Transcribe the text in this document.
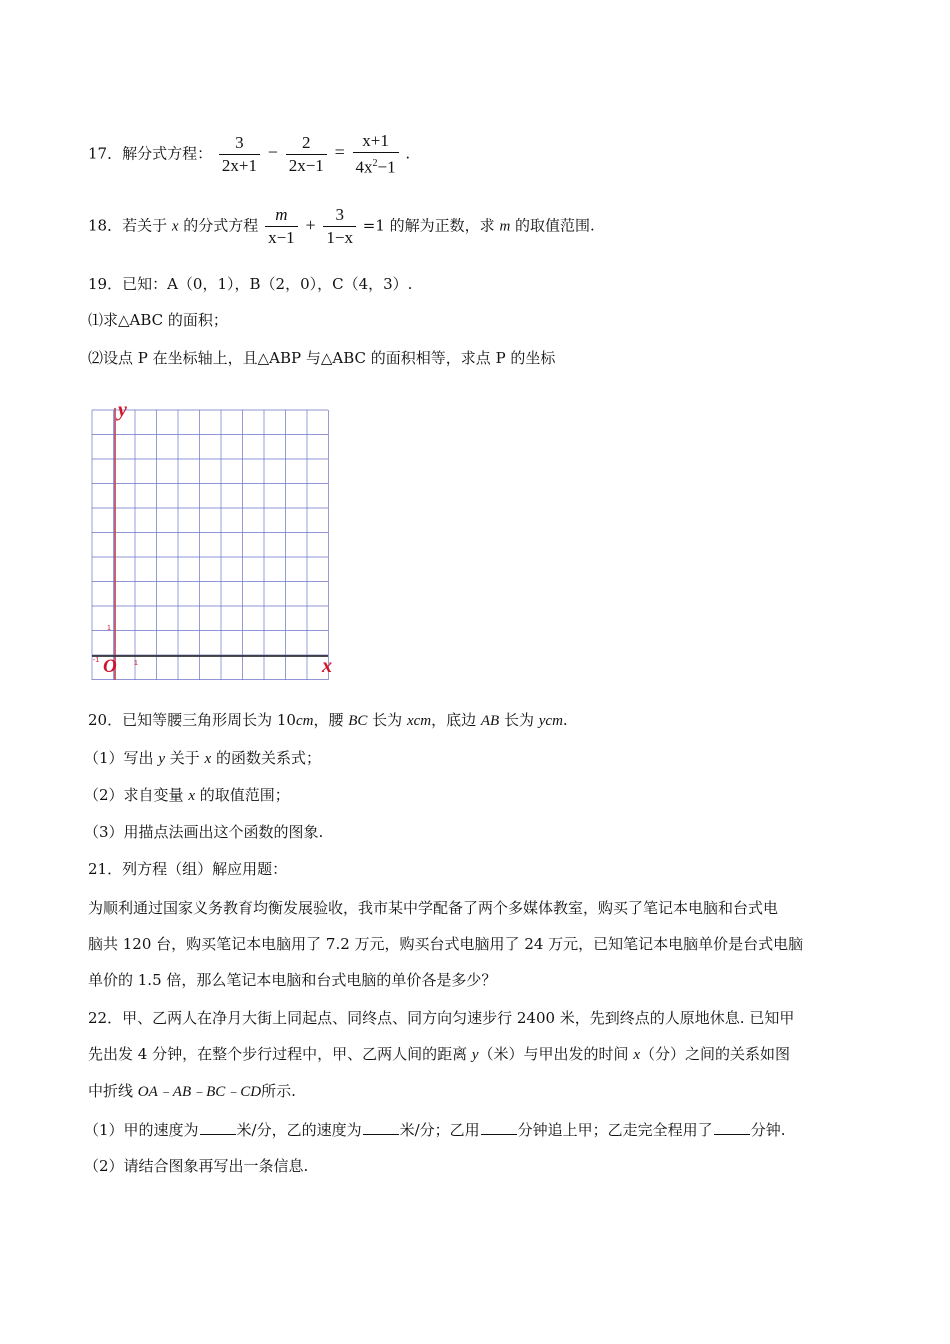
17．解分式方程： $\frac{3}{2x+1} - \frac{2}{2x-1} = \frac{x+1}{4x^2-1}$ .
18．若关于 x 的分式方程 $\frac{m}{x-1} + \frac{3}{1-x} =1$ 的解为正数，求 m 的取值范围.
19．已知：A（0，1），B（2，0），C（4，3）.
⑴求△ABC 的面积；
⑵设点 P 在坐标轴上，且△ABP 与△ABC 的面积相等，求点 P 的坐标
y
x
O
1
1
-1
20．已知等腰三角形周长为 10cm，腰 BC 长为 xcm，底边 AB 长为 ycm.
（1）写出 y 关于 x 的函数关系式；
（2）求自变量 x 的取值范围；
（3）用描点法画出这个函数的图象.
21．列方程（组）解应用题：
为顺利通过国家义务教育均衡发展验收，我市某中学配备了两个多媒体教室，购买了笔记本电脑和台式电
脑共 120 台，购买笔记本电脑用了 7.2 万元，购买台式电脑用了 24 万元，已知笔记本电脑单价是台式电脑
单价的 1.5 倍，那么笔记本电脑和台式电脑的单价各是多少？
22．甲、乙两人在净月大街上同起点、同终点、同方向匀速步行 2400 米，先到终点的人原地休息. 已知甲
先出发 4 分钟，在整个步行过程中，甲、乙两人间的距离 y（米）与甲出发的时间 x（分）之间的关系如图
中折线 OA﹣AB﹣BC﹣CD所示.
（1）甲的速度为	米/分，乙的速度为	米/分；乙用	分钟追上甲；乙走完全程用了	分钟.
（2）请结合图象再写出一条信息.
